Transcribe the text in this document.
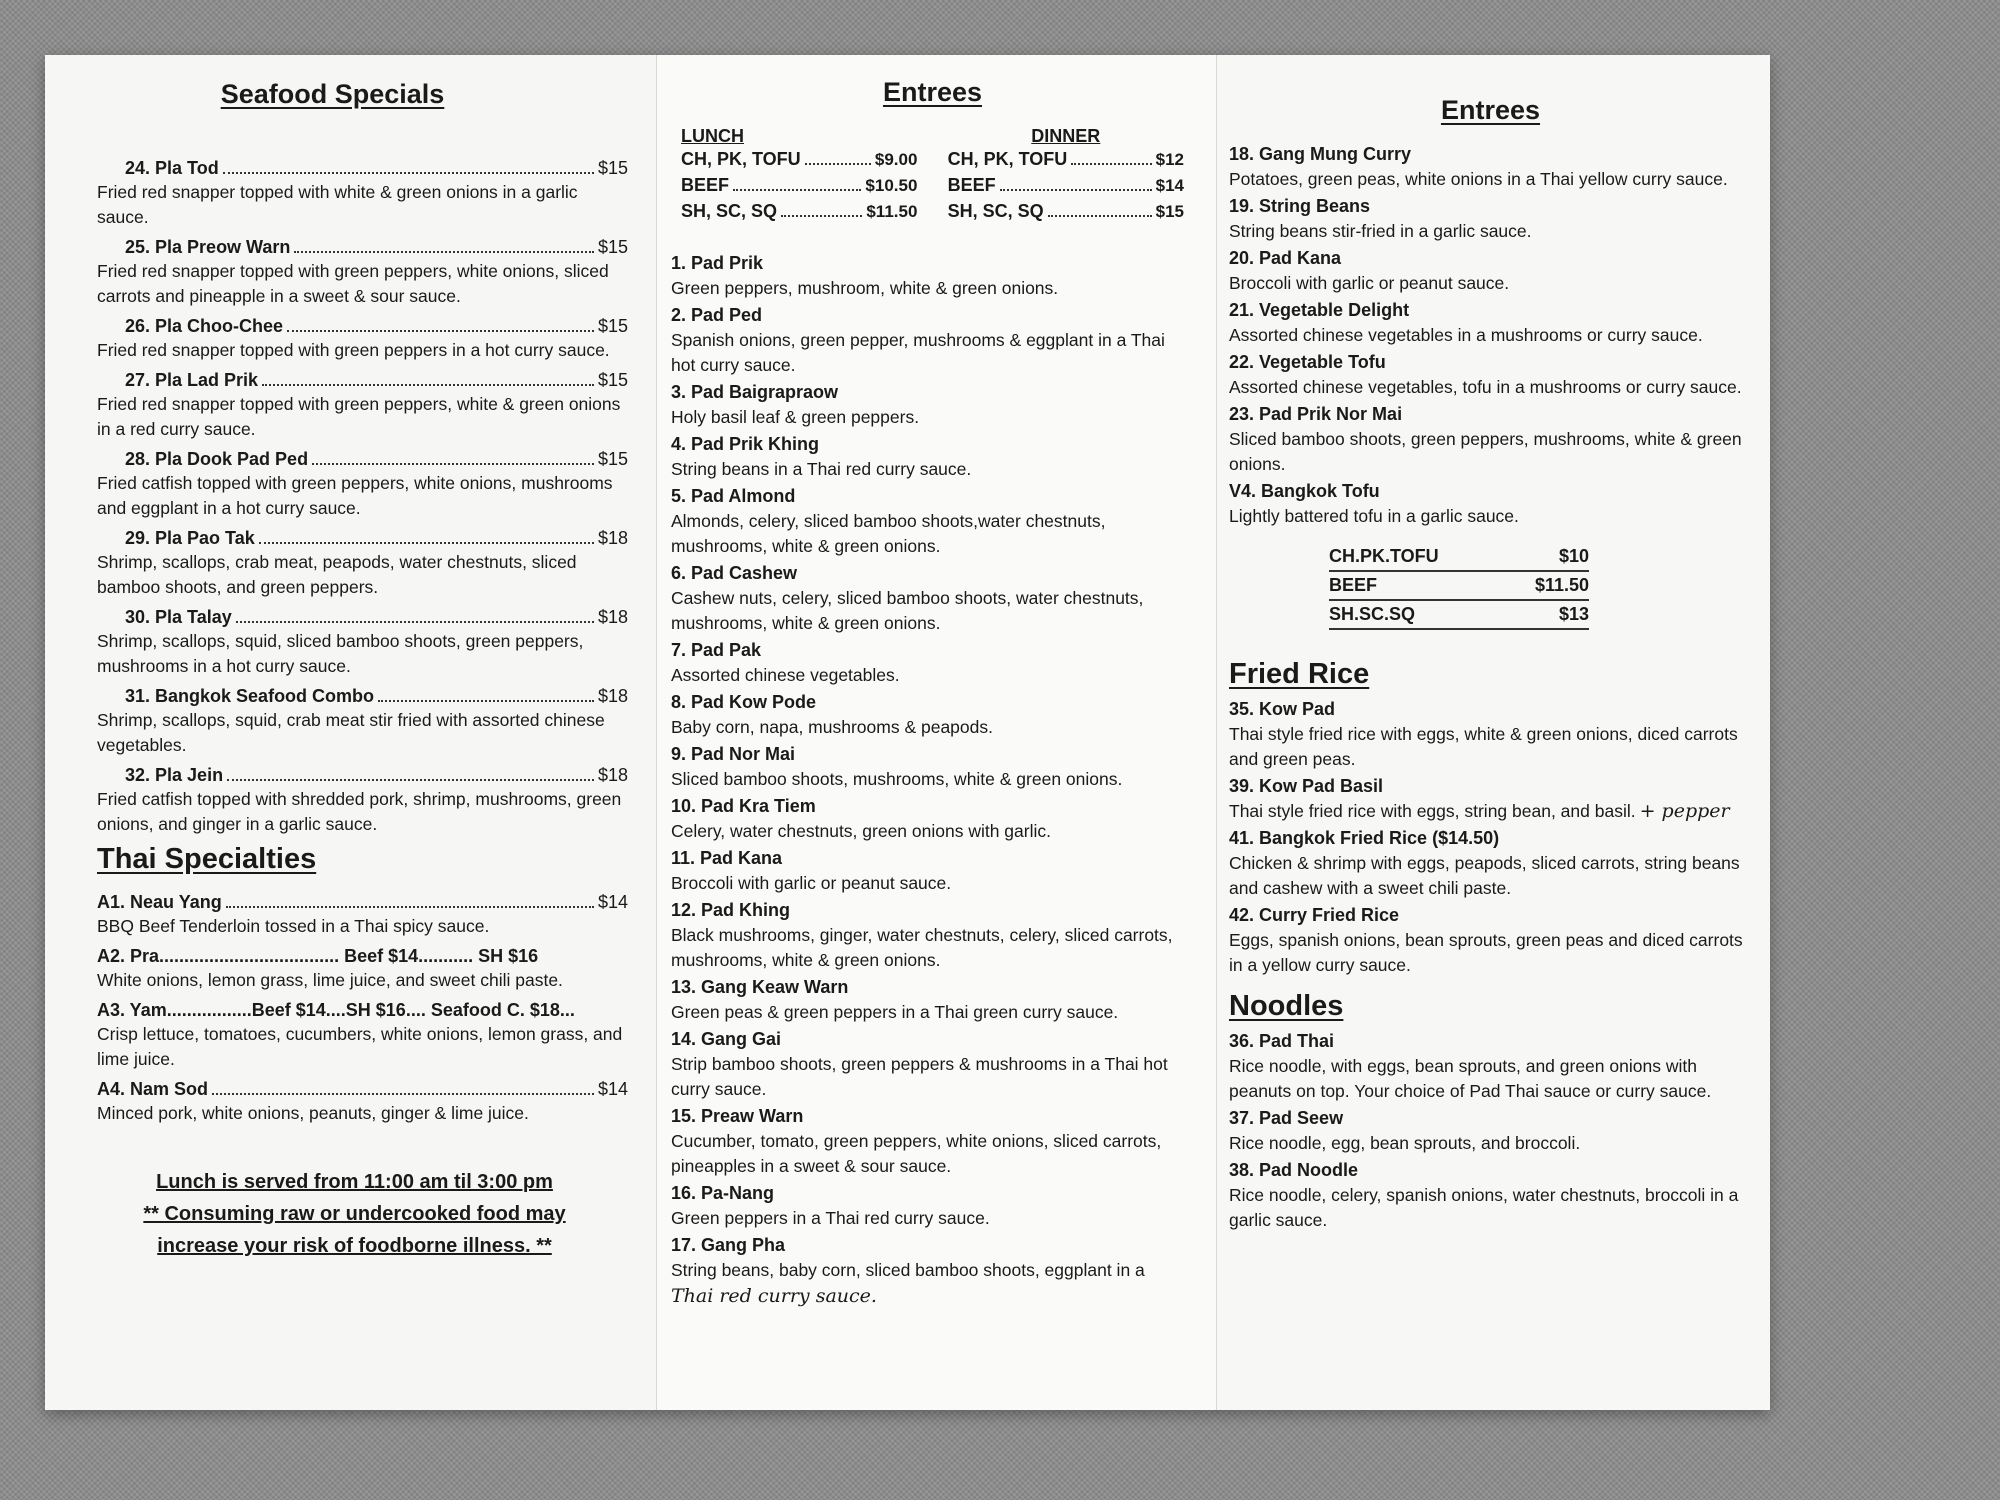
Seafood Specials
24. Pla Tod	$15
Fried red snapper topped with white & green onions in a garlic sauce.
25. Pla Preow Warn	$15
Fried red snapper topped with green peppers, white onions, sliced carrots and pineapple in a sweet & sour sauce.
26. Pla Choo-Chee	$15
Fried red snapper topped with green peppers in a hot curry sauce.
27. Pla Lad Prik	$15
Fried red snapper topped with green peppers, white & green onions in a red curry sauce.
28. Pla Dook Pad Ped	$15
Fried catfish topped with green peppers, white onions, mushrooms and eggplant in a hot curry sauce.
29. Pla Pao Tak	$18
Shrimp, scallops, crab meat, peapods, water chestnuts, sliced bamboo shoots, and green peppers.
30. Pla Talay	$18
Shrimp, scallops, squid, sliced bamboo shoots, green peppers, mushrooms in a hot curry sauce.
31. Bangkok Seafood Combo	$18
Shrimp, scallops, squid, crab meat stir fried with assorted chinese vegetables.
32. Pla Jein	$18
Fried catfish topped with shredded pork, shrimp, mushrooms, green onions, and ginger in a garlic sauce.
Thai Specialties
A1. Neau Yang	$14
BBQ Beef Tenderloin tossed in a Thai spicy sauce.
A2. Pra.................................... Beef $14........... SH $16
White onions, lemon grass, lime juice, and sweet chili paste.
A3. Yam.................Beef $14....SH $16.... Seafood C. $18...
Crisp lettuce, tomatoes, cucumbers, white onions, lemon grass, and lime juice.
A4. Nam Sod	$14
Minced pork, white onions, peanuts, ginger & lime juice.
Lunch is served from 11:00 am til 3:00 pm
** Consuming raw or undercooked food may
increase your risk of foodborne illness. **
Entrees
LUNCH
CH, PK, TOFU	$9.00
BEEF	$10.50
SH, SC, SQ	$11.50
DINNER
CH, PK, TOFU	$12
BEEF	$14
SH, SC, SQ	$15
1. Pad Prik
Green peppers, mushroom, white & green onions.
2. Pad Ped
Spanish onions, green pepper, mushrooms & eggplant in a Thai hot curry sauce.
3. Pad Baigrapraow
Holy basil leaf & green peppers.
4. Pad Prik Khing
String beans in a Thai red curry sauce.
5. Pad Almond
Almonds, celery, sliced bamboo shoots,water chestnuts, mushrooms, white & green onions.
6. Pad Cashew
Cashew nuts, celery, sliced bamboo shoots, water chestnuts, mushrooms, white & green onions.
7. Pad Pak
Assorted chinese vegetables.
8. Pad Kow Pode
Baby corn, napa, mushrooms & peapods.
9. Pad Nor Mai
Sliced bamboo shoots, mushrooms, white & green onions.
10. Pad Kra Tiem
Celery, water chestnuts, green onions with garlic.
11. Pad Kana
Broccoli with garlic or peanut sauce.
12. Pad Khing
Black mushrooms, ginger, water chestnuts, celery, sliced carrots, mushrooms, white & green onions.
13. Gang Keaw Warn
Green peas & green peppers in a Thai green curry sauce.
14. Gang Gai
Strip bamboo shoots, green peppers & mushrooms in a Thai hot curry sauce.
15. Preaw Warn
Cucumber, tomato, green peppers, white onions, sliced carrots, pineapples in a sweet & sour sauce.
16. Pa-Nang
Green peppers in a Thai red curry sauce.
17. Gang Pha
String beans, baby corn, sliced bamboo shoots, eggplant in a
Thai red curry sauce.
Entrees
18. Gang Mung Curry
Potatoes, green peas, white onions in a Thai yellow curry sauce.
19. String Beans
String beans stir-fried in a garlic sauce.
20. Pad Kana
Broccoli with garlic or peanut sauce.
21. Vegetable Delight
Assorted chinese vegetables in a mushrooms or curry sauce.
22. Vegetable Tofu
Assorted chinese vegetables, tofu in a mushrooms or curry sauce.
23. Pad Prik Nor Mai
Sliced bamboo shoots, green peppers, mushrooms, white & green onions.
V4. Bangkok Tofu
Lightly battered tofu in a garlic sauce.
CH.PK.TOFU	$10
BEEF	$11.50
SH.SC.SQ	$13
Fried Rice
35. Kow Pad
Thai style fried rice with eggs, white & green onions, diced carrots and green peas.
39. Kow Pad Basil
Thai style fried rice with eggs, string bean, and basil. + pepper
41. Bangkok Fried Rice ($14.50)
Chicken & shrimp with eggs, peapods, sliced carrots, string beans and cashew with a sweet chili paste.
42. Curry Fried Rice
Eggs, spanish onions, bean sprouts, green peas and diced carrots in a yellow curry sauce.
Noodles
36. Pad Thai
Rice noodle, with eggs, bean sprouts, and green onions with peanuts on top. Your choice of Pad Thai sauce or curry sauce.
37. Pad Seew
Rice noodle, egg, bean sprouts, and broccoli.
38. Pad Noodle
Rice noodle, celery, spanish onions, water chestnuts, broccoli in a garlic sauce.
